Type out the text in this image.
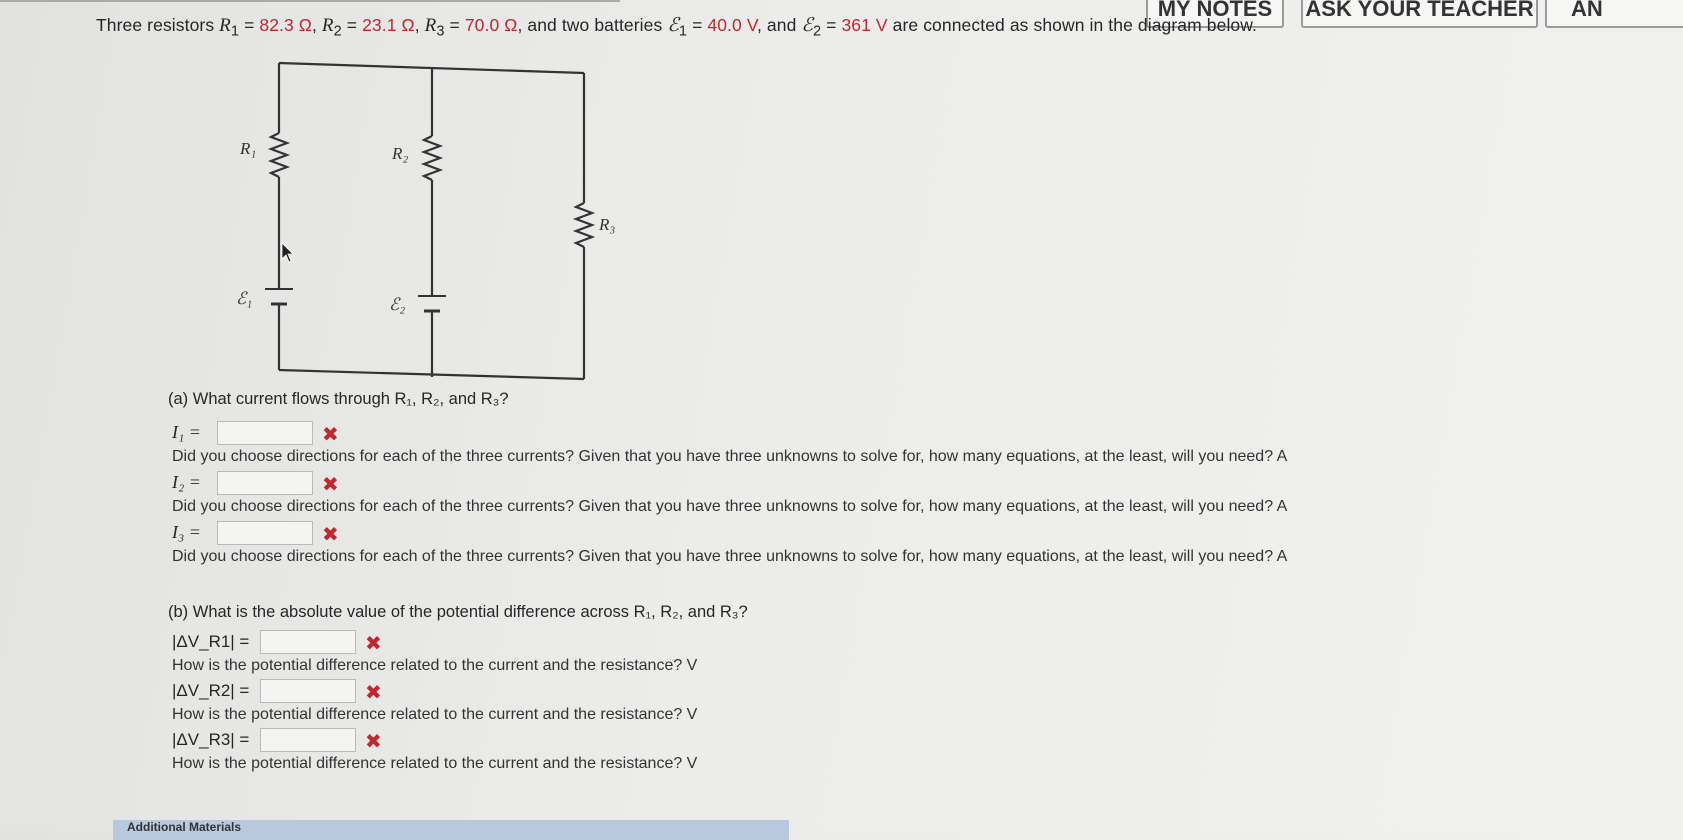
MY NOTES ASK YOUR TEACHER AN
Three resistors $R_1 = 82.3$ Ω, $R_2 = 23.1$ Ω, $R_3 = 70.0$ Ω, and two batteries ℰ$_1$ = 40.0 V, and ℰ$_2$ = 361 V are connected as shown in the diagram below.
R₁	R₂
R₃
ℰ₁	ℰ₂
(a) What current flows through R₁, R₂, and R₃?
I₁ =	✖
Did you choose directions for each of the three currents? Given that you have three unknowns to solve for, how many equations, at the least, will you need? A
I₂ =	✖
Did you choose directions for each of the three currents? Given that you have three unknowns to solve for, how many equations, at the least, will you need? A
I₃ =	✖
Did you choose directions for each of the three currents? Given that you have three unknowns to solve for, how many equations, at the least, will you need? A
(b) What is the absolute value of the potential difference across R₁, R₂, and R₃?
|ΔV_R1| =	✖
How is the potential difference related to the current and the resistance? V
|ΔV_R2| =	✖
How is the potential difference related to the current and the resistance? V
|ΔV_R3| =	✖
How is the potential difference related to the current and the resistance? V
Additional Materials
